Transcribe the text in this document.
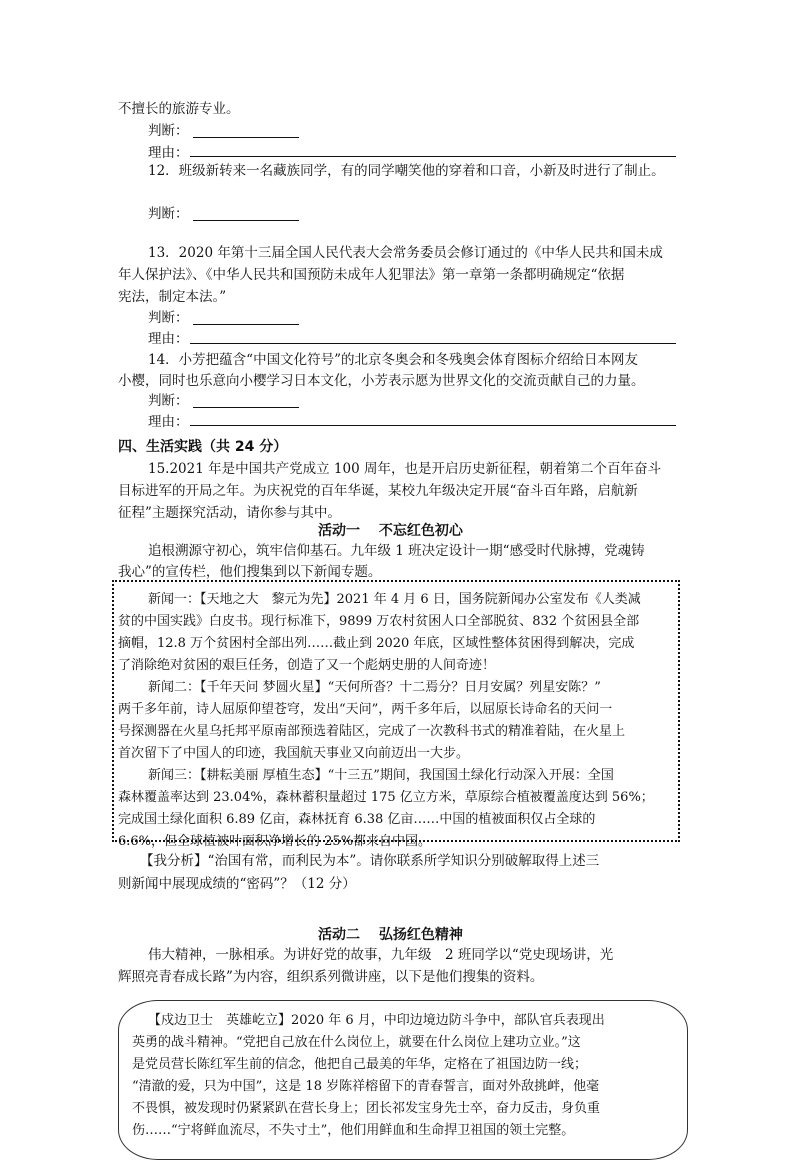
不擅长的旅游专业。
判断：
理由：
12．班级新转来一名藏族同学，有的同学嘲笑他的穿着和口音，小新及时进行了制止。
判断：
13．2020 年第十三届全国人民代表大会常务委员会修订通过的《中华人民共和国未成
年人保护法》、《中华人民共和国预防未成年人犯罪法》第一章第一条都明确规定“依据
宪法，制定本法。”
判断：
理由：
14．小芳把蕴含“中国文化符号”的北京冬奥会和冬残奥会体育图标介绍给日本网友
小樱，同时也乐意向小樱学习日本文化，小芳表示愿为世界文化的交流贡献自己的力量。
判断：
理由：
四、生活实践（共 24 分）
15.2021 年是中国共产党成立 100 周年，也是开启历史新征程，朝着第二个百年奋斗
目标进军的开局之年。为庆祝党的百年华诞，某校九年级决定开展“奋斗百年路，启航新
征程”主题探究活动，请你参与其中。
活动一　 不忘红色初心
追根溯源守初心，筑牢信仰基石。九年级 1 班决定设计一期“感受时代脉搏，党魂铸
我心”的宣传栏，他们搜集到以下新闻专题。
新闻一：【天地之大　黎元为先】2021 年 4 月 6 日，国务院新闻办公室发布《人类减
贫的中国实践》白皮书。现行标准下，9899 万农村贫困人口全部脱贫、832 个贫困县全部
摘帽，12.8 万个贫困村全部出列……截止到 2020 年底，区域性整体贫困得到解决，完成
了消除绝对贫困的艰巨任务，创造了又一个彪炳史册的人间奇迹！
新闻二：【千年天问 梦圆火星】“天何所沓？十二焉分？日月安属？列星安陈？”
两千多年前，诗人屈原仰望苍穹，发出“天问”，两千多年后，以屈原长诗命名的天问一
号探测器在火星乌托邦平原南部预选着陆区，完成了一次教科书式的精准着陆，在火星上
首次留下了中国人的印迹，我国航天事业又向前迈出一大步。
新闻三：【耕耘美丽 厚植生态】“十三五”期间，我国国土绿化行动深入开展：全国
森林覆盖率达到 23.04%，森林蓄积量超过 175 亿立方米，草原综合植被覆盖度达到 56%；
完成国土绿化面积 6.89 亿亩，森林抚育 6.38 亿亩……中国的植被面积仅占全球的
6.6%，但全球植被叶面积净增长的 25%都来自中国。
【我分析】“治国有常，而利民为本”。请你联系所学知识分别破解取得上述三
则新闻中展现成绩的“密码”？（12 分）
活动二　 弘扬红色精神
伟大精神，一脉相承。为讲好党的故事，九年级　2 班同学以“党史现场讲，光
辉照亮青春成长路”为内容，组织系列微讲座，以下是他们搜集的资料。
【戍边卫士　英雄屹立】2020 年 6 月，中印边境边防斗争中，部队官兵表现出
英勇的战斗精神。“党把自己放在什么岗位上，就要在什么岗位上建功立业。”这
是党员营长陈红军生前的信念，他把自己最美的年华，定格在了祖国边防一线；
“清澈的爱，只为中国”，这是 18 岁陈祥榕留下的青春誓言，面对外敌挑衅，他毫
不畏惧，被发现时仍紧紧趴在营长身上；团长祁发宝身先士卒，奋力反击，身负重
伤……“宁将鲜血流尽，不失寸土”，他们用鲜血和生命捍卫祖国的领土完整。
